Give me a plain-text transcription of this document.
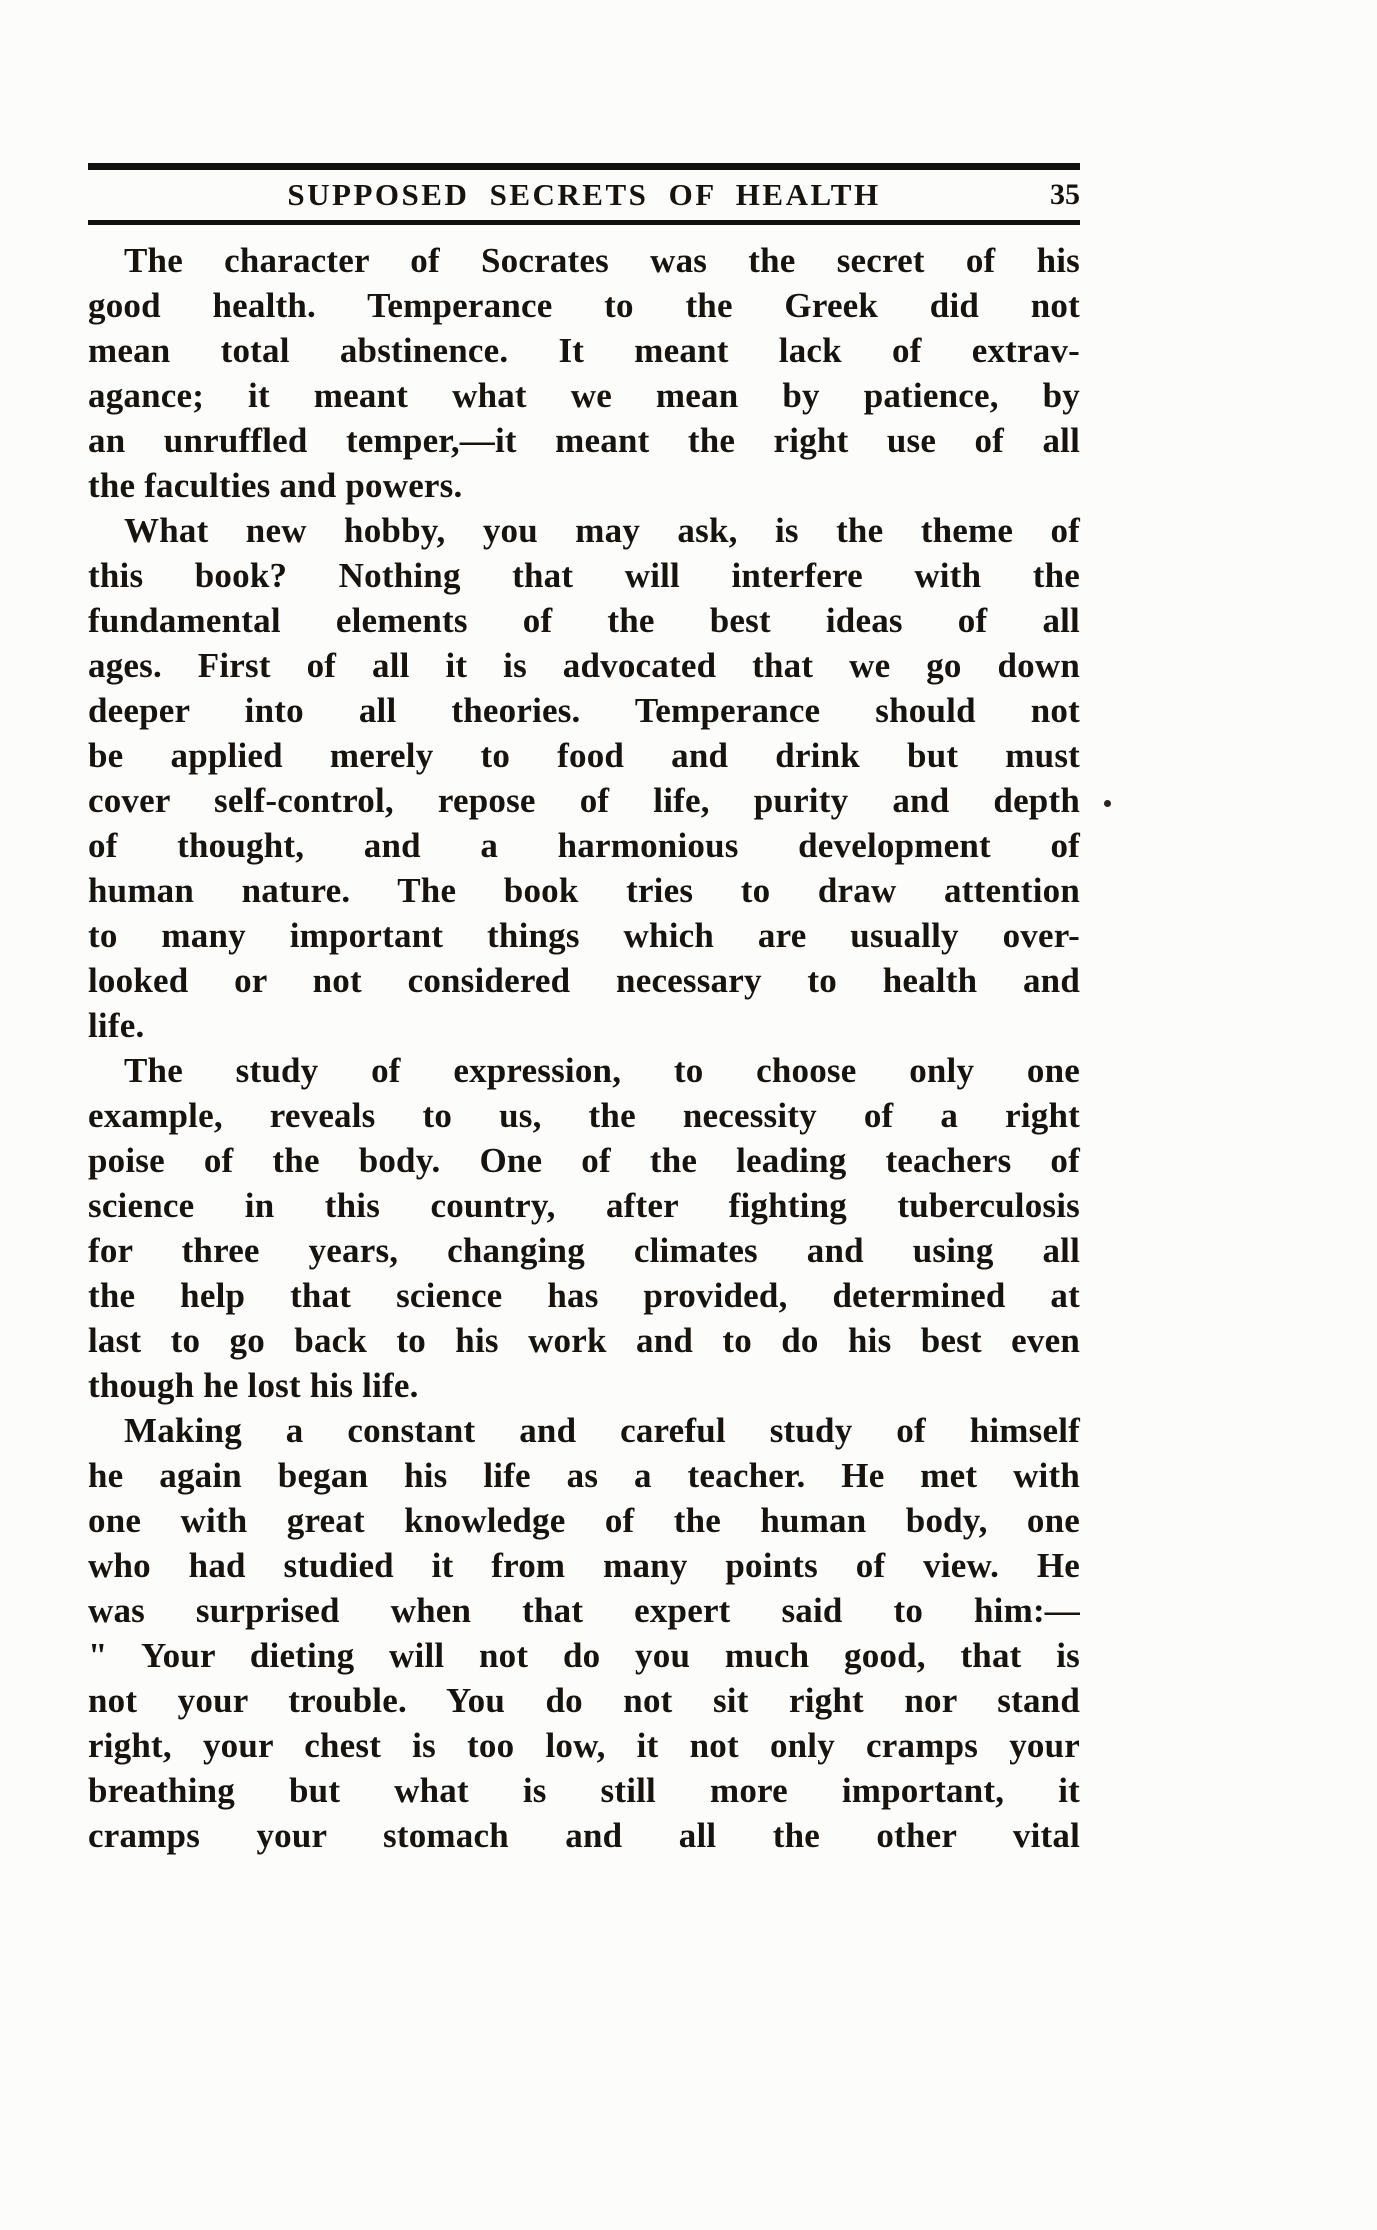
SUPPOSED SECRETS OF HEALTH	35
The character of Socrates was the secret of his
good health. Temperance to the Greek did not
mean total abstinence. It meant lack of extrav-
agance; it meant what we mean by patience, by
an unruffled temper,—it meant the right use of all
the faculties and powers.
What new hobby, you may ask, is the theme of
this book? Nothing that will interfere with the
fundamental elements of the best ideas of all
ages. First of all it is advocated that we go down
deeper into all theories. Temperance should not
be applied merely to food and drink but must
cover self-control, repose of life, purity and depth
of thought, and a harmonious development of
human nature. The book tries to draw attention
to many important things which are usually over-
looked or not considered necessary to health and
life.
The study of expression, to choose only one
example, reveals to us, the necessity of a right
poise of the body. One of the leading teachers of
science in this country, after fighting tuberculosis
for three years, changing climates and using all
the help that science has provided, determined at
last to go back to his work and to do his best even
though he lost his life.
Making a constant and careful study of himself
he again began his life as a teacher. He met with
one with great knowledge of the human body, one
who had studied it from many points of view. He
was surprised when that expert said to him:—
" Your dieting will not do you much good, that is
not your trouble. You do not sit right nor stand
right, your chest is too low, it not only cramps your
breathing but what is still more important, it
cramps your stomach and all the other vital
